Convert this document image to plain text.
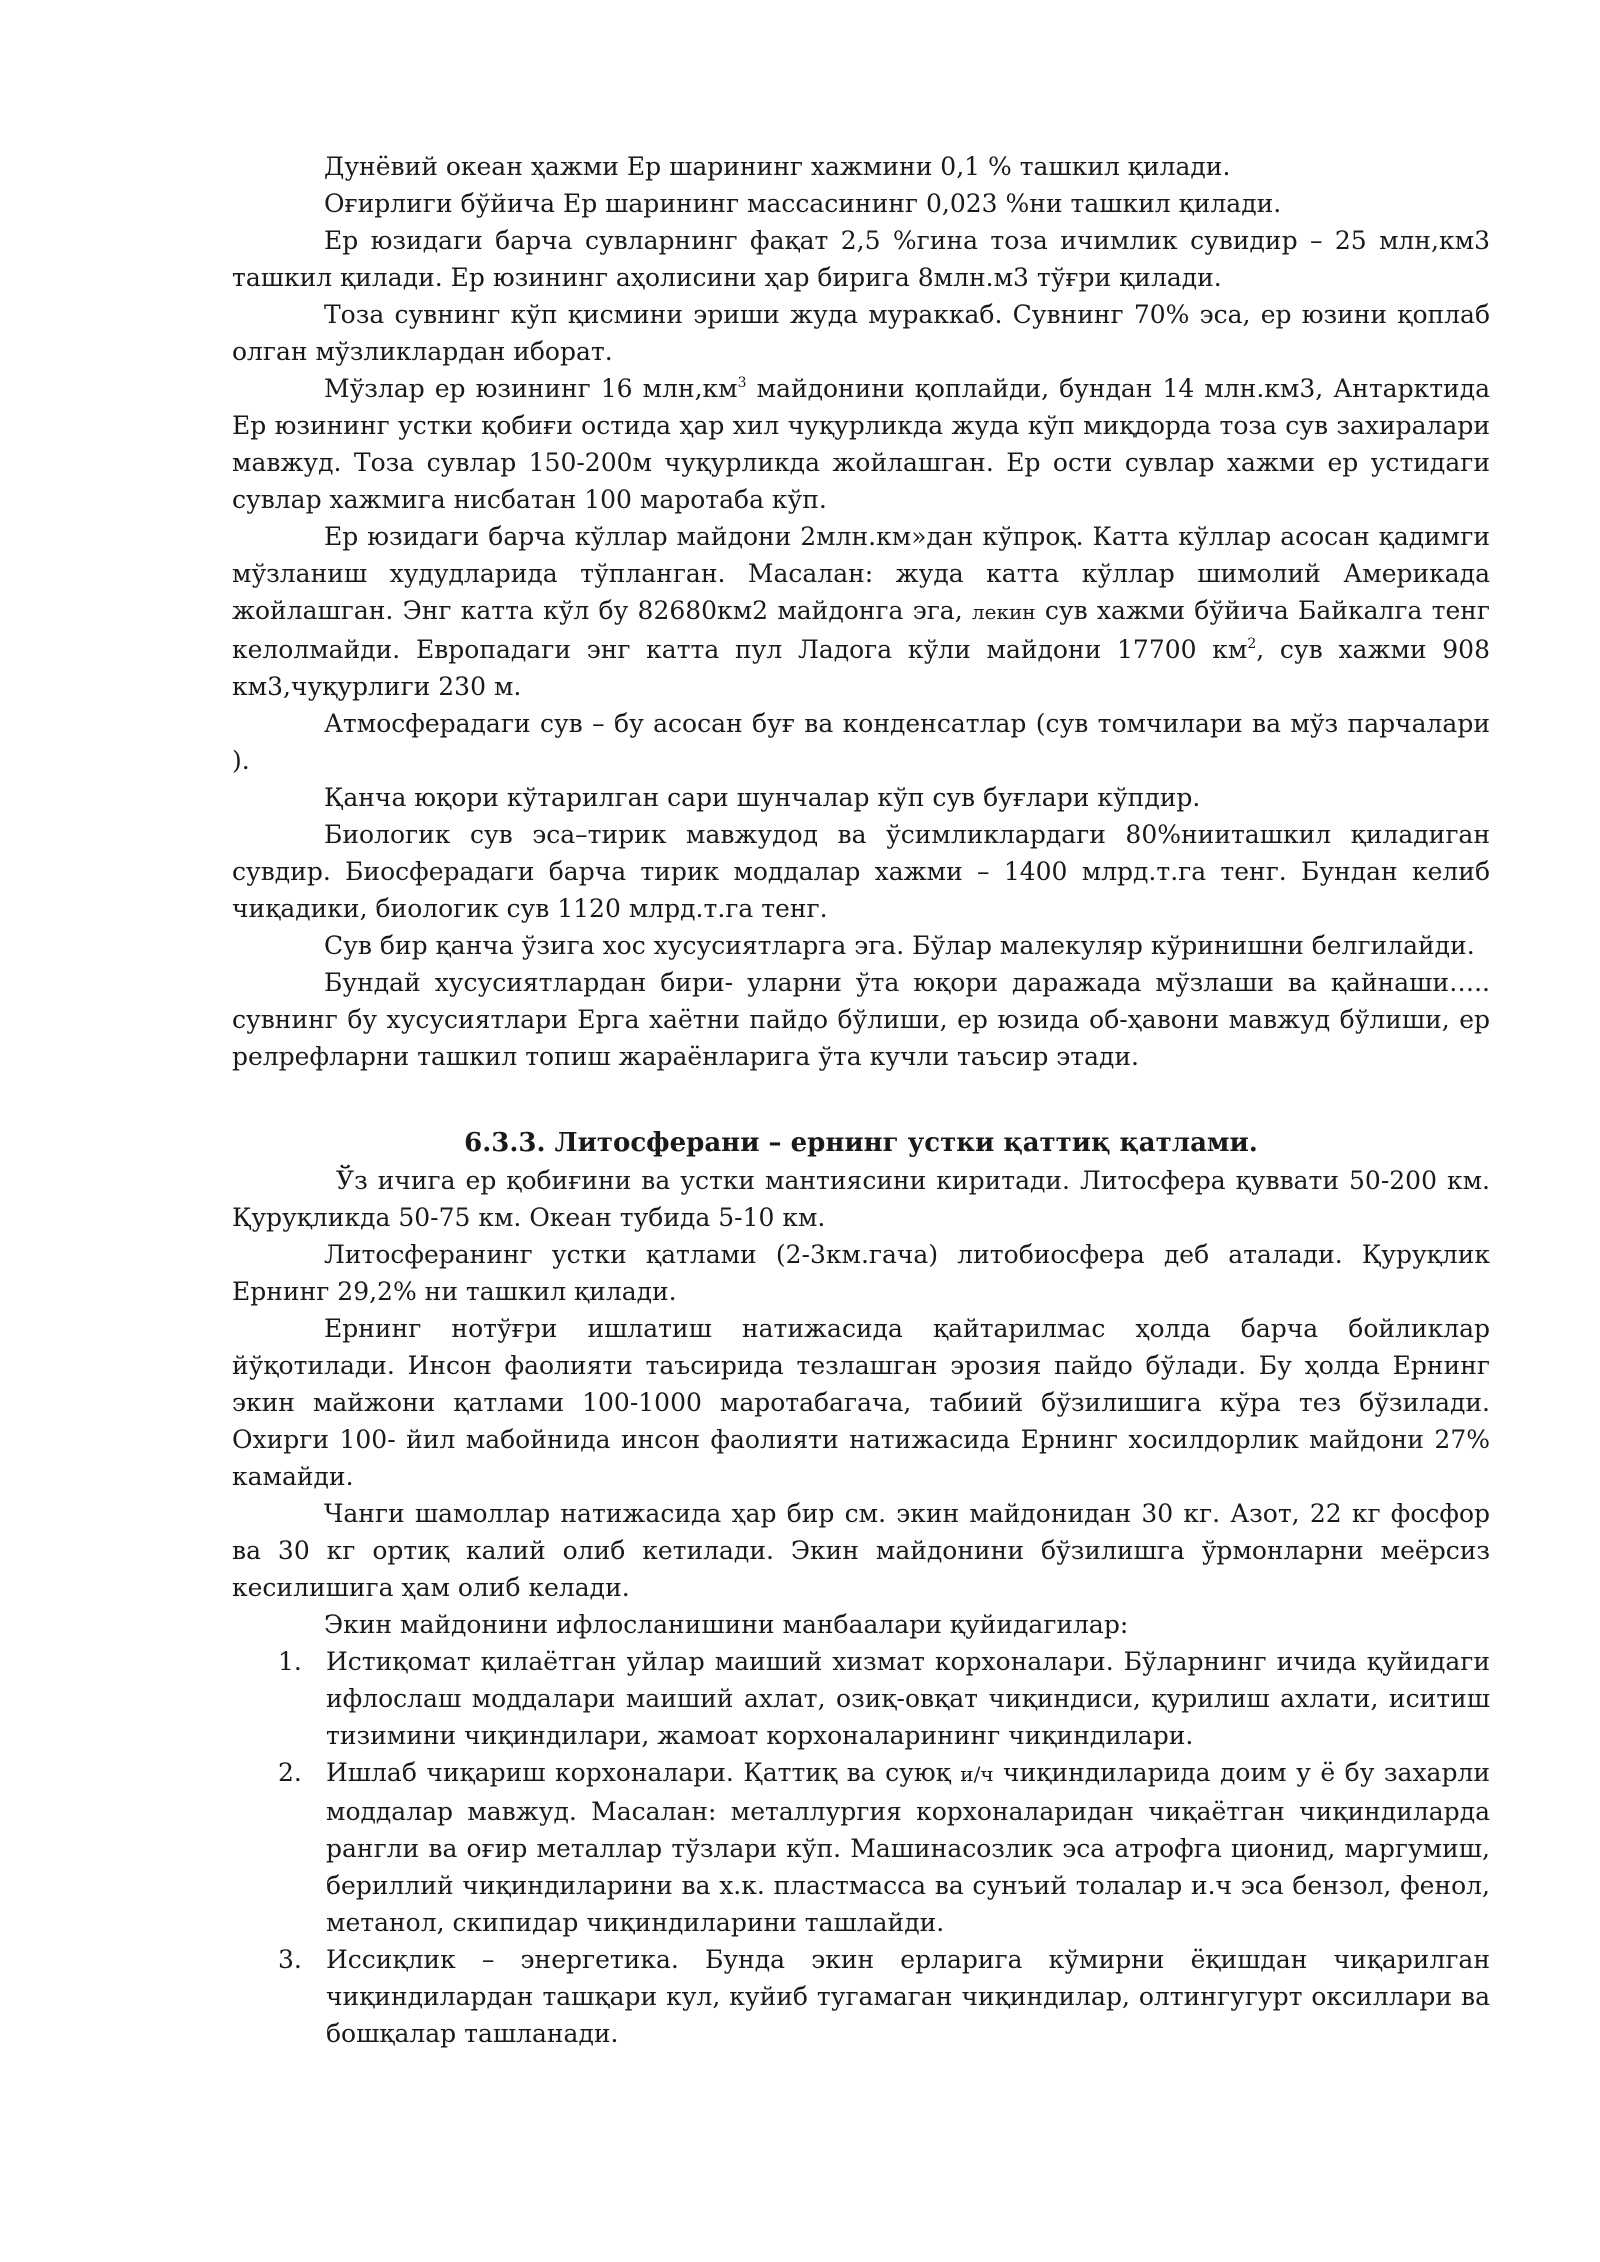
Дунёвий океан ҳажми Ер шарининг хажмини 0,1 % ташкил қилади.

Оғирлиги бўйича Ер шарининг массасининг 0,023 %ни ташкил қилади.

Ер юзидаги барча сувларнинг фақат 2,5 %гина тоза ичимлик сувидир – 25 млн,км3 ташкил қилади. Ер юзининг аҳолисини ҳар бирига 8млн.м3 тўғри қилади.

Тоза сувнинг кўп қисмини эриши жуда мураккаб. Сувнинг 70% эса, ер юзини қоплаб олган мўзликлардан иборат.

Мўзлар ер юзининг 16 $млн,км^3$ майдонини қоплайди, бундан 14 млн.км3, Антарктида Ер юзининг устки қобиғи остида ҳар хил чуқурликда жуда кўп миқдорда тоза сув захиралари мавжуд. Тоза сувлар 150-200м чуқурликда жойлашган. Ер ости сувлар хажми ер устидаги сувлар хажмига нисбатан 100 маротаба кўп.

Ер юзидаги барча кўллар майдони 2млн.км»дан кўпроқ. Катта кўллар асосан қадимги мўзланиш худудларида тўпланган. Масалан: жуда катта кўллар шимолий Америкада жойлашган. Энг катта кўл бу 82680км2 майдонга эга, лекин сув хажми бўйича Байкалга тенг келолмайди. Европадаги энг катта пул Ладога кўли майдони 17700 $км^2$, сув хажми 908 км3,чуқурлиги 230 м.

Атмосферадаги сув – бу асосан буғ ва конденсатлар (сув томчилари ва мўз парчалари ).

Қанча юқори кўтарилган сари шунчалар кўп сув буғлари кўпдир.

Биологик сув эса–тирик мавжудод ва ўсимликлардаги 80%нииташкил қиладиган сувдир. Биосферадаги барча тирик моддалар хажми – 1400 млрд.т.га тенг. Бундан келиб чиқадики, биологик сув 1120 млрд.т.га тенг.

Сув бир қанча ўзига хос хусусиятларга эга. Бўлар малекуляр кўринишни белгилайди.

Бундай хусусиятлардан бири- уларни ўта юқори даражада мўзлаши ва қайнаши….. сувнинг бу хусусиятлари Ерга хаётни пайдо бўлиши, ер юзида об-ҳавони мавжуд бўлиши, ер релрефларни ташкил топиш жараёнларига ўта кучли таъсир этади.

6.3.3. Литосферани – ернинг устки қаттиқ қатлами.

Ўз ичига ер қобиғини ва устки мантиясини киритади. Литосфера қуввати 50-200 км. Қуруқликда 50-75 км. Океан тубида 5-10 км.

Литосферанинг устки қатлами (2-3км.гача) литобиосфера деб аталади. Қуруқлик Ернинг 29,2% ни ташкил қилади.

Ернинг нотўғри ишлатиш натижасида қайтарилмас ҳолда барча бойликлар йўқотилади. Инсон фаолияти таъсирида тезлашган эрозия пайдо бўлади. Бу ҳолда Ернинг экин майжони қатлами 100-1000 маротабагача, табиий бўзилишига кўра тез бўзилади. Охирги 100- йил мабойнида инсон фаолияти натижасида Ернинг хосилдорлик майдони 27% камайди.

Чанги шамоллар натижасида ҳар бир см. экин майдонидан 30 кг. Азот, 22 кг фосфор ва 30 кг ортиқ калий олиб кетилади. Экин майдонини бўзилишга ўрмонларни меёрсиз кесилишига ҳам олиб келади.

Экин майдонини ифлосланишини манбаалари қуйидагилар:

1. Истиқомат қилаётган уйлар маиший хизмат корхоналари. Бўларнинг ичида қуйидаги ифлослаш моддалари маиший ахлат, озиқ-овқат чиқиндиси, қурилиш ахлати, иситиш тизимини чиқиндилари, жамоат корхоналарининг чиқиндилари.
2. Ишлаб чиқариш корхоналари. Қаттиқ ва суюқ и/ч чиқиндиларида доим у ё бу захарли моддалар мавжуд. Масалан: металлургия корхоналаридан чиқаётган чиқиндиларда рангли ва оғир металлар тўзлари кўп. Машинасозлик эса атрофга ционид, маргумиш, бериллий чиқиндиларини ва х.к. пластмасса ва сунъий толалар и.ч эса бензол, фенол, метанол, скипидар чиқиндиларини ташлайди.
3. Иссиқлик – энергетика. Бунда экин ерларига кўмирни ёқишдан чиқарилган чиқиндилардан ташқари кул, куйиб тугамаган чиқиндилар, олтингугурт оксиллари ва бошқалар ташланади.
